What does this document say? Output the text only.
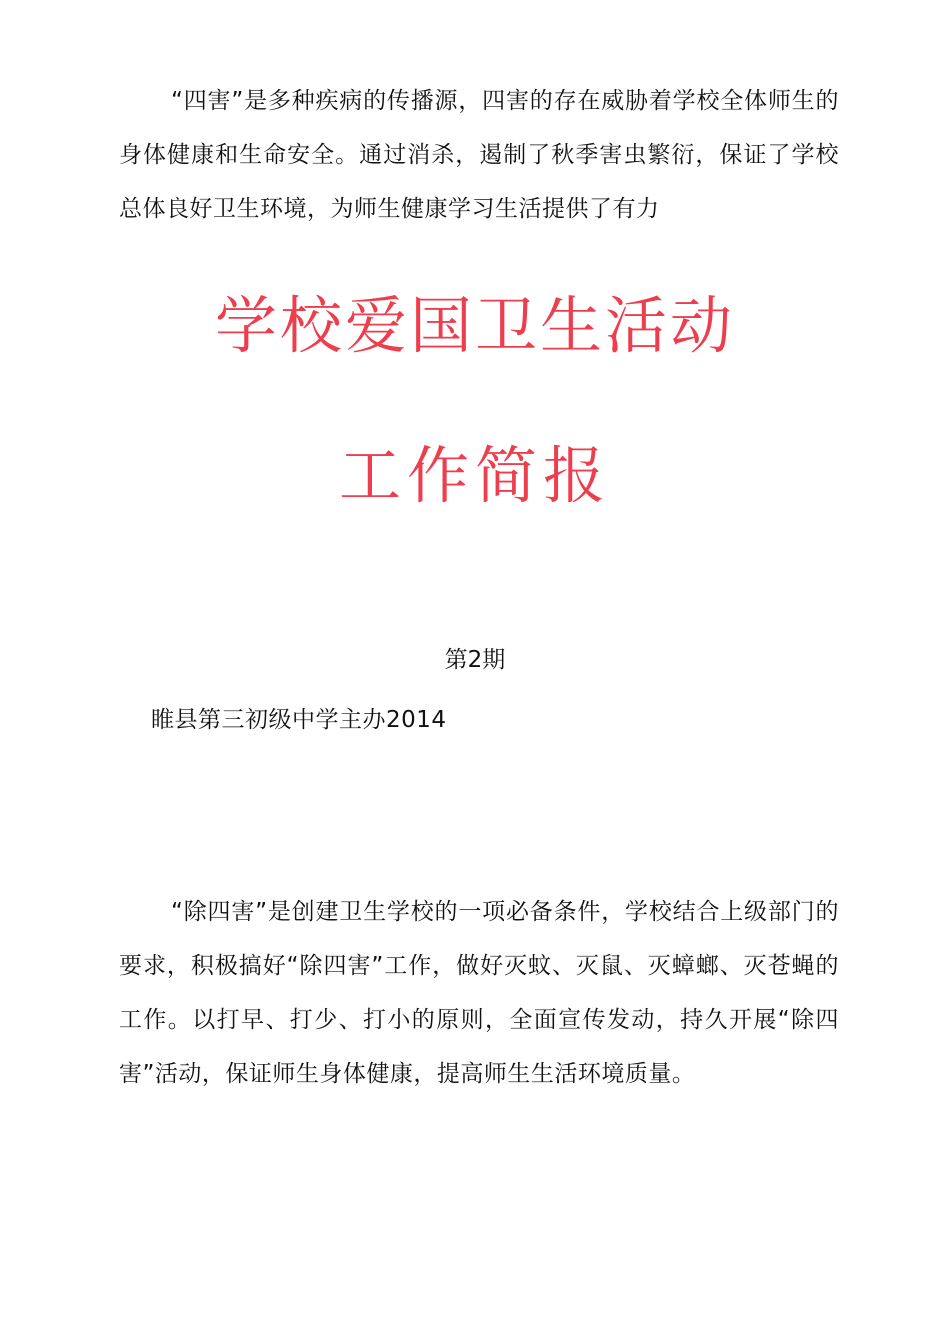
“四害”是多种疾病的传播源，四害的存在威胁着学校全体师生的身体健康和生命安全。通过消杀，遏制了秋季害虫繁衍，保证了学校总体良好卫生环境，为师生健康学习生活提供了有力

学校爱国卫生活动
工作简报
第2期
睢县第三初级中学主办2014

“除四害”是创建卫生学校的一项必备条件，学校结合上级部门的要求，积极搞好“除四害”工作，做好灭蚊、灭鼠、灭蟑螂、灭苍蝇的工作。以打早、打少、打小的原则，全面宣传发动，持久开展“除四害”活动，保证师生身体健康，提高师生生活环境质量。
